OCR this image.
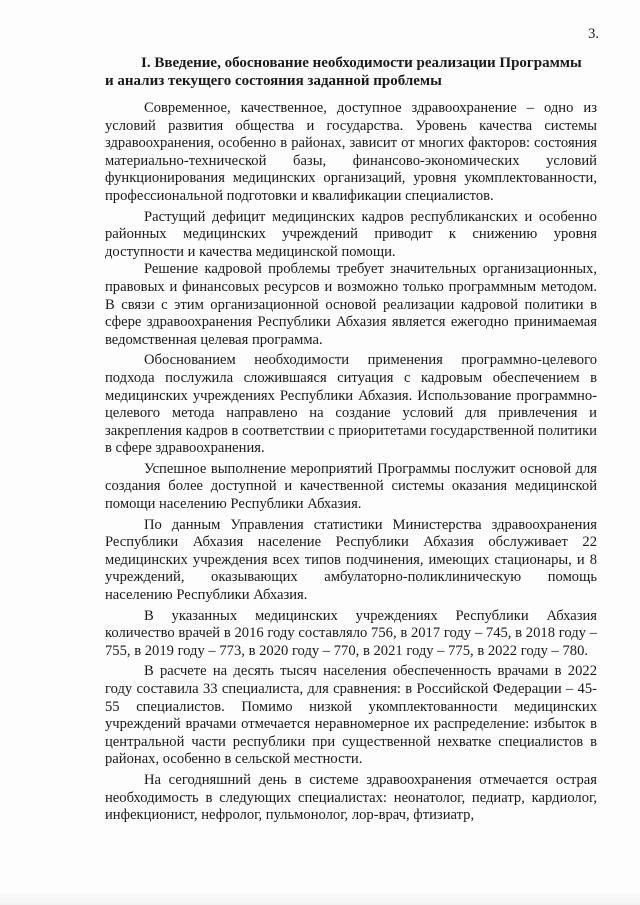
3.
I. Введение, обоснование необходимости реализации Программы
и анализ текущего состояния заданной проблемы

Современное, качественное, доступное здравоохранение – одно из условий развития общества и государства. Уровень качества системы здравоохранения, особенно в районах, зависит от многих факторов: состояния материально-технической базы, финансово-экономических условий функционирования медицинских организаций, уровня укомплектованности, профессиональной подготовки и квалификации специалистов.

Растущий дефицит медицинских кадров республиканских и особенно районных медицинских учреждений приводит к снижению уровня доступности и качества медицинской помощи.

Решение кадровой проблемы требует значительных организационных, правовых и финансовых ресурсов и возможно только программным методом. В связи с этим организационной основой реализации кадровой политики в сфере здравоохранения Республики Абхазия является ежегодно принимаемая ведомственная целевая программа.

Обоснованием необходимости применения программно-целевого подхода послужила сложившаяся ситуация с кадровым обеспечением в медицинских учреждениях Республики Абхазия. Использование программно-целевого метода направлено на создание условий для привлечения и закрепления кадров в соответствии с приоритетами государственной политики в сфере здравоохранения.

Успешное выполнение мероприятий Программы послужит основой для создания более доступной и качественной системы оказания медицинской помощи населению Республики Абхазия.

По данным Управления статистики Министерства здравоохранения Республики Абхазия население Республики Абхазия обслуживает 22 медицинских учреждения всех типов подчинения, имеющих стационары, и 8 учреждений, оказывающих амбулаторно-поликлиническую помощь населению Республики Абхазия.

В указанных медицинских учреждениях Республики Абхазия количество врачей в 2016 году составляло 756, в 2017 году – 745, в 2018 году – 755, в 2019 году – 773, в 2020 году – 770, в 2021 году – 775, в 2022 году – 780.

В расчете на десять тысяч населения обеспеченность врачами в 2022 году составила 33 специалиста, для сравнения: в Российской Федерации – 45-55 специалистов. Помимо низкой укомплектованности медицинских учреждений врачами отмечается неравномерное их распределение: избыток в центральной части республики при существенной нехватке специалистов в районах, особенно в сельской местности.

На сегодняшний день в системе здравоохранения отмечается острая необходимость в следующих специалистах: неонатолог, педиатр, кардиолог, инфекционист, нефролог, пульмонолог, лор-врач, фтизиатр,
